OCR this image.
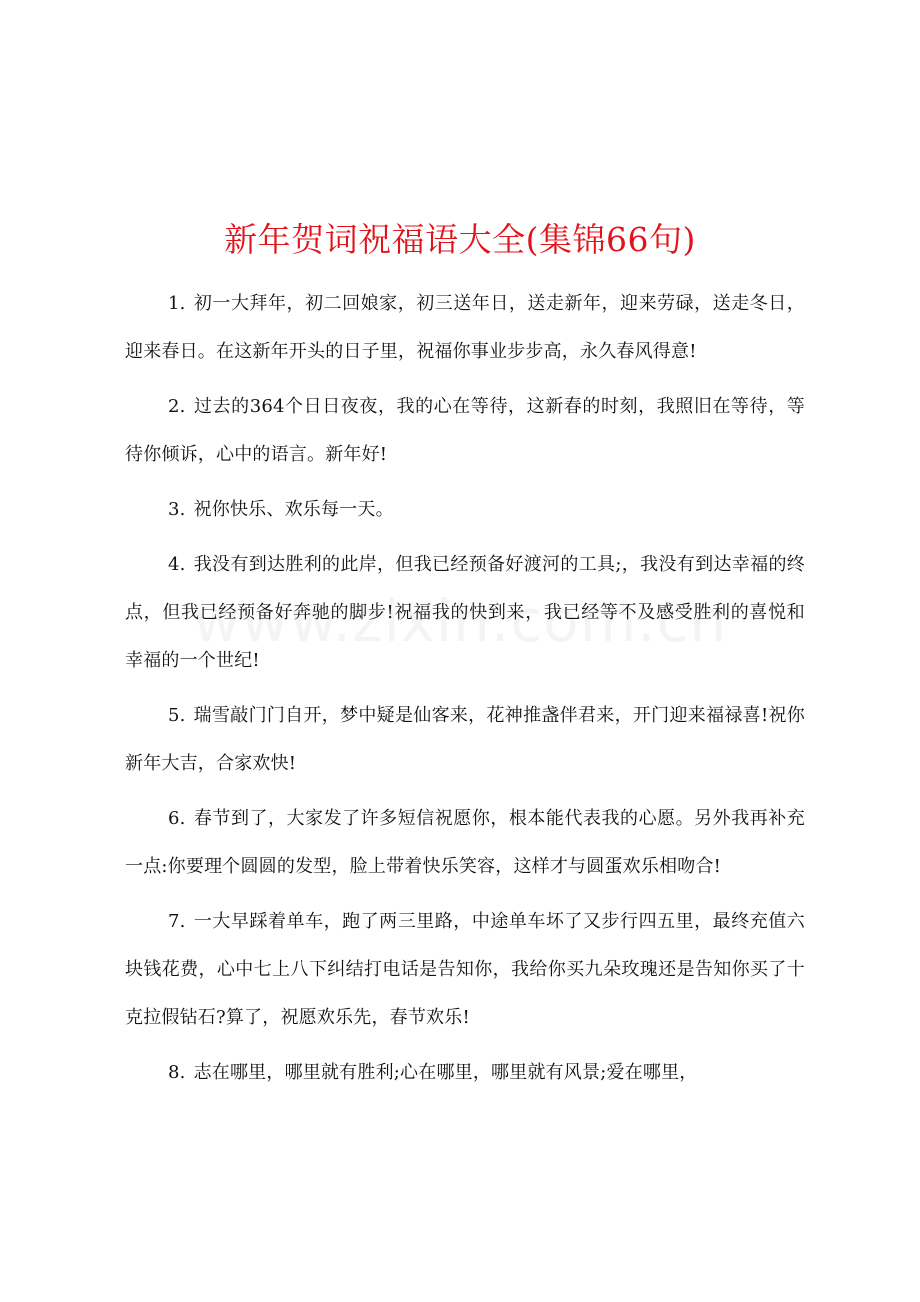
新年贺词祝福语大全(集锦66句)

1. 初一大拜年，初二回娘家，初三送年日，送走新年，迎来劳碌，送走冬日，迎来春日。在这新年开头的日子里，祝福你事业步步高，永久春风得意!

2. 过去的364个日日夜夜，我的心在等待，这新春的时刻，我照旧在等待，等待你倾诉，心中的语言。新年好!

3. 祝你快乐、欢乐每一天。

4. 我没有到达胜利的此岸，但我已经预备好渡河的工具;，我没有到达幸福的终点，但我已经预备好奔驰的脚步!祝福我的快到来，我已经等不及感受胜利的喜悦和幸福的一个世纪!

5. 瑞雪敲门门自开，梦中疑是仙客来，花神推盏伴君来，开门迎来福禄喜!祝你新年大吉，合家欢快!

6. 春节到了，大家发了许多短信祝愿你，根本能代表我的心愿。另外我再补充一点:你要理个圆圆的发型，脸上带着快乐笑容，这样才与圆蛋欢乐相吻合!

7. 一大早踩着单车，跑了两三里路，中途单车坏了又步行四五里，最终充值六块钱花费，心中七上八下纠结打电话是告知你，我给你买九朵玫瑰还是告知你买了十克拉假钻石?算了，祝愿欢乐先，春节欢乐!

8. 志在哪里，哪里就有胜利;心在哪里，哪里就有风景;爱在哪里，
